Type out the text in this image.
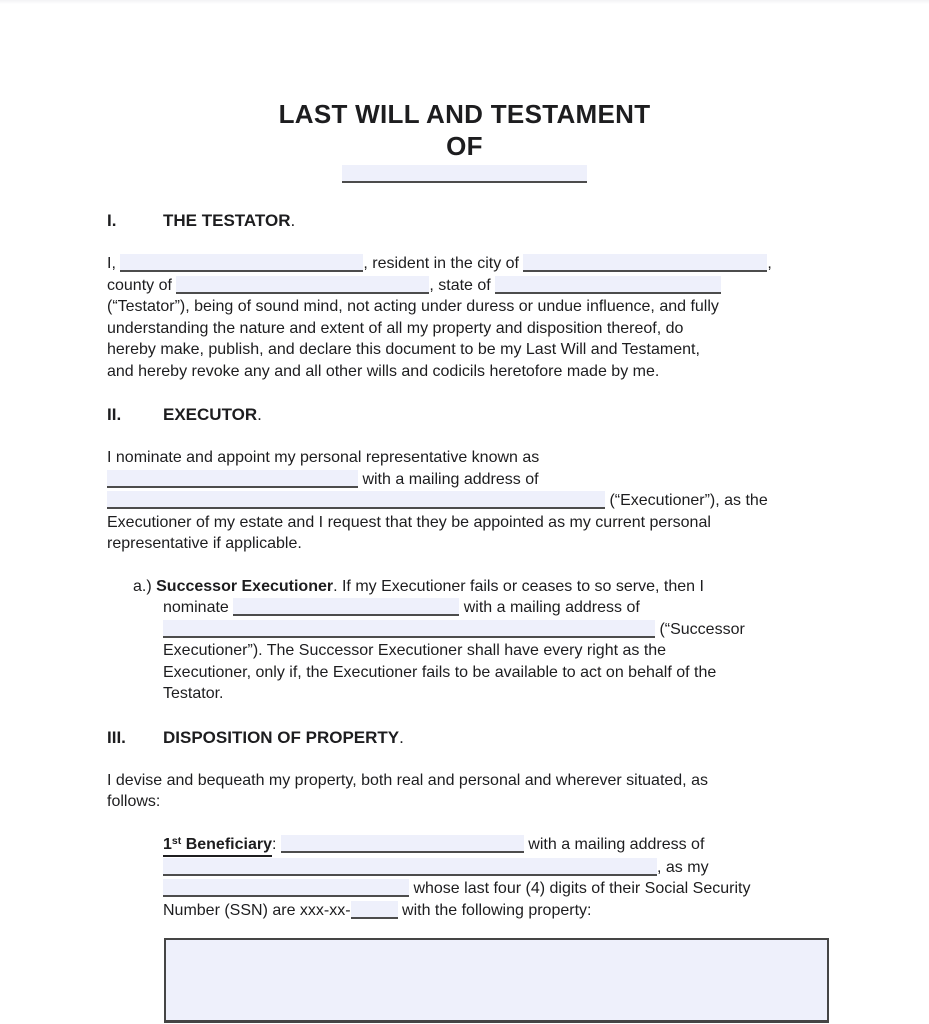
LAST WILL AND TESTAMENT
OF
I.	THE TESTATOR.
I,	, resident in the city of	,
county of	, state of
(“Testator”), being of sound mind, not acting under duress or undue influence, and fully
understanding the nature and extent of all my property and disposition thereof, do
hereby make, publish, and declare this document to be my Last Will and Testament,
and hereby revoke any and all other wills and codicils heretofore made by me.
II. EXECUTOR.
I nominate and appoint my personal representative known as
with a mailing address of
(“Executioner”), as the
Executioner of my estate and I request that they be appointed as my current personal
representative if applicable.
a.) Successor Executioner. If my Executioner fails or ceases to so serve, then I
nominate	with a mailing address of
(“Successor
Executioner”). The Successor Executioner shall have every right as the
Executioner, only if, the Executioner fails to be available to act on behalf of the
Testator.
III. DISPOSITION OF PROPERTY.
I devise and bequeath my property, both real and personal and wherever situated, as
follows:
1st Beneficiary:	with a mailing address of
, as my
whose last four (4) digits of their Social Security
Number (SSN) are xxx-xx-	with the following property:
